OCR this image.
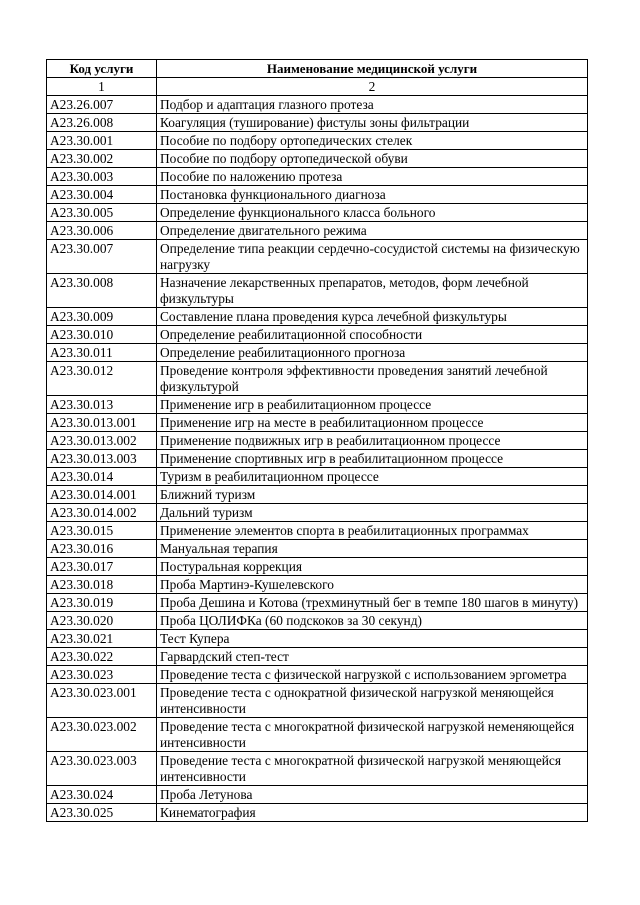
Код услуги	Наименование медицинской услуги
1	2
A23.26.007	Подбор и адаптация глазного протеза
A23.26.008	Коагуляция (туширование) фистулы зоны фильтрации
A23.30.001	Пособие по подбору ортопедических стелек
A23.30.002	Пособие по подбору ортопедической обуви
A23.30.003	Пособие по наложению протеза
A23.30.004	Постановка функционального диагноза
A23.30.005	Определение функционального класса больного
A23.30.006	Определение двигательного режима
A23.30.007	Определение типа реакции сердечно-сосудистой системы на физическую нагрузку
A23.30.008	Назначение лекарственных препаратов, методов, форм лечебной физкультуры
A23.30.009	Составление плана проведения курса лечебной физкультуры
A23.30.010	Определение реабилитационной способности
A23.30.011	Определение реабилитационного прогноза
A23.30.012	Проведение контроля эффективности проведения занятий лечебной физкультурой
A23.30.013	Применение игр в реабилитационном процессе
A23.30.013.001	Применение игр на месте в реабилитационном процессе
A23.30.013.002	Применение подвижных игр в реабилитационном процессе
A23.30.013.003	Применение спортивных игр в реабилитационном процессе
A23.30.014	Туризм в реабилитационном процессе
A23.30.014.001	Ближний туризм
A23.30.014.002	Дальний туризм
A23.30.015	Применение элементов спорта в реабилитационных программах
A23.30.016	Мануальная терапия
A23.30.017	Постуральная коррекция
A23.30.018	Проба Мартинэ-Кушелевского
A23.30.019	Проба Дешина и Котова (трехминутный бег в темпе 180 шагов в минуту)
A23.30.020	Проба ЦОЛИФКа (60 подскоков за 30 секунд)
A23.30.021	Тест Купера
A23.30.022	Гарвардский степ-тест
A23.30.023	Проведение теста с физической нагрузкой с использованием эргометра
A23.30.023.001	Проведение теста с однократной физической нагрузкой меняющейся интенсивности
A23.30.023.002	Проведение теста с многократной физической нагрузкой неменяющейся интенсивности
A23.30.023.003	Проведение теста с многократной физической нагрузкой меняющейся интенсивности
A23.30.024	Проба Летунова
A23.30.025	Кинематография
